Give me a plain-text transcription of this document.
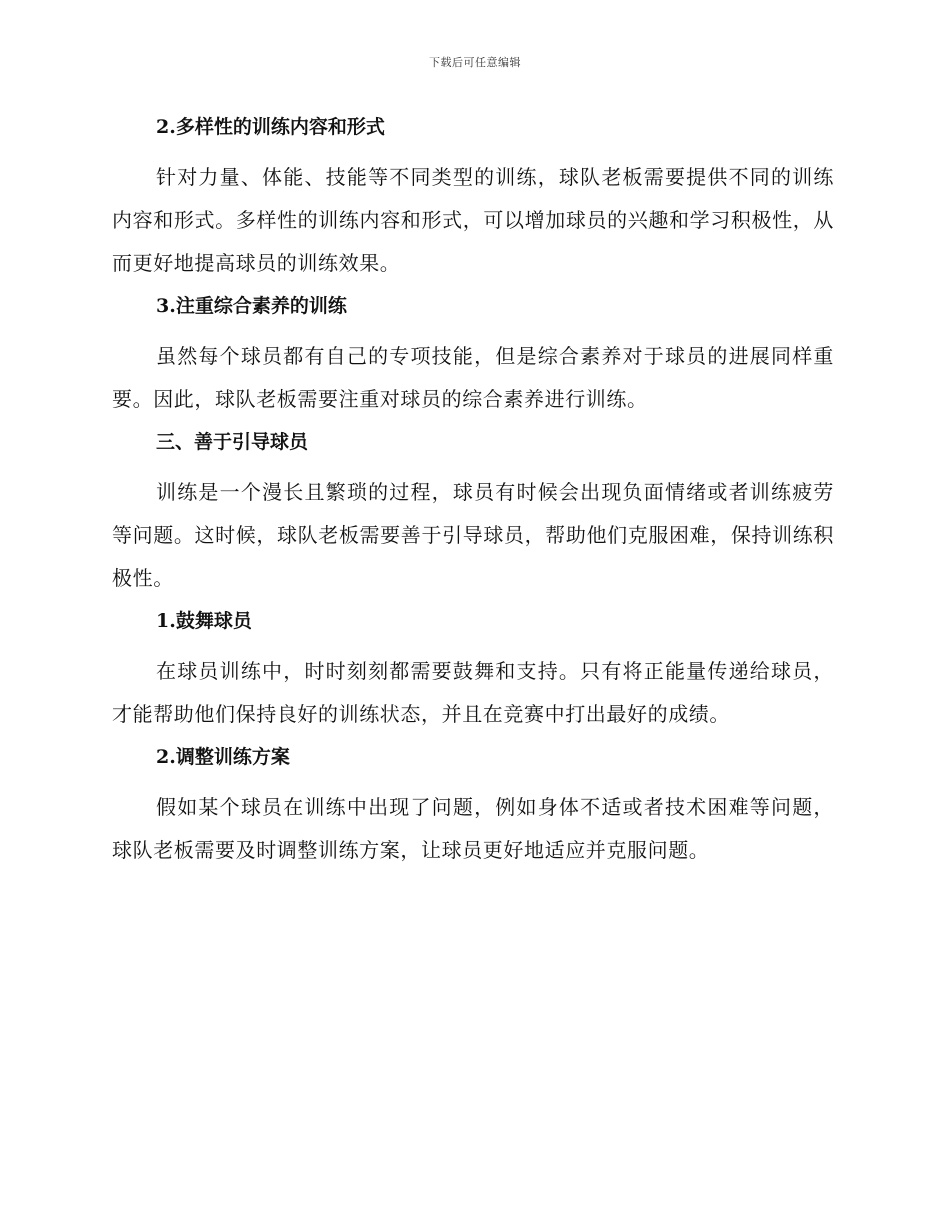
下载后可任意编辑
2.多样性的训练内容和形式

针对力量、体能、技能等不同类型的训练，球队老板需要提供不同的训练内容和形式。多样性的训练内容和形式，可以增加球员的兴趣和学习积极性，从而更好地提高球员的训练效果。

3.注重综合素养的训练

虽然每个球员都有自己的专项技能，但是综合素养对于球员的进展同样重要。因此，球队老板需要注重对球员的综合素养进行训练。

三、善于引导球员

训练是一个漫长且繁琐的过程，球员有时候会出现负面情绪或者训练疲劳等问题。这时候，球队老板需要善于引导球员，帮助他们克服困难，保持训练积极性。

1.鼓舞球员

在球员训练中，时时刻刻都需要鼓舞和支持。只有将正能量传递给球员，才能帮助他们保持良好的训练状态，并且在竞赛中打出最好的成绩。

2.调整训练方案

假如某个球员在训练中出现了问题，例如身体不适或者技术困难等问题，球队老板需要及时调整训练方案，让球员更好地适应并克服问题。
